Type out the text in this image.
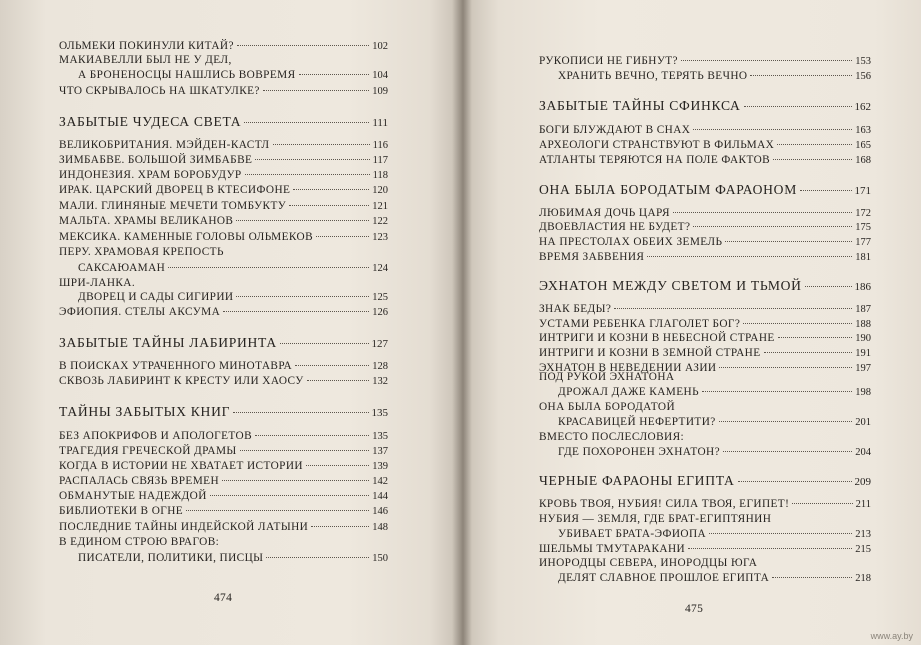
ОЛЬМЕКИ ПОКИНУЛИ КИТАЙ?	102
МАКИАВЕЛЛИ БЫЛ НЕ У ДЕЛ,
А БРОНЕНОСЦЫ НАШЛИСЬ ВОВРЕМЯ	104
ЧТО СКРЫВАЛОСЬ НА ШКАТУЛКЕ?	109
ЗАБЫТЫЕ ЧУДЕСА СВЕТА	111
ВЕЛИКОБРИТАНИЯ. МЭЙДЕН-КАСТЛ	116
ЗИМБАБВЕ. БОЛЬШОЙ ЗИМБАБВЕ	117
ИНДОНЕЗИЯ. ХРАМ БОРОБУДУР	118
ИРАК. ЦАРСКИЙ ДВОРЕЦ В КТЕСИФОНЕ	120
МАЛИ. ГЛИНЯНЫЕ МЕЧЕТИ ТОМБУКТУ	121
МАЛЬТА. ХРАМЫ ВЕЛИКАНОВ	122
МЕКСИКА. КАМЕННЫЕ ГОЛОВЫ ОЛЬМЕКОВ	123
ПЕРУ. ХРАМОВАЯ КРЕПОСТЬ
САКСАЮАМАН	124
ШРИ-ЛАНКА.
ДВОРЕЦ И САДЫ СИГИРИИ	125
ЭФИОПИЯ. СТЕЛЫ АКСУМА	126
ЗАБЫТЫЕ ТАЙНЫ ЛАБИРИНТА	127
В ПОИСКАХ УТРАЧЕННОГО МИНОТАВРА	128
СКВОЗЬ ЛАБИРИНТ К КРЕСТУ ИЛИ ХАОСУ	132
ТАЙНЫ ЗАБЫТЫХ КНИГ	135
БЕЗ АПОКРИФОВ И АПОЛОГЕТОВ	135
ТРАГЕДИЯ ГРЕЧЕСКОЙ ДРАМЫ	137
КОГДА В ИСТОРИИ НЕ ХВАТАЕТ ИСТОРИИ	139
РАСПАЛАСЬ СВЯЗЬ ВРЕМЕН	142
ОБМАНУТЫЕ НАДЕЖДОЙ	144
БИБЛИОТЕКИ В ОГНЕ	146
ПОСЛЕДНИЕ ТАЙНЫ ИНДЕЙСКОЙ ЛАТЫНИ	148
В ЕДИНОМ СТРОЮ ВРАГОВ:
ПИСАТЕЛИ, ПОЛИТИКИ, ПИСЦЫ	150
474
РУКОПИСИ НЕ ГИБНУТ?	153
ХРАНИТЬ ВЕЧНО, ТЕРЯТЬ ВЕЧНО	156
ЗАБЫТЫЕ ТАЙНЫ СФИНКСА	162
БОГИ БЛУЖДАЮТ В СНАХ	163
АРХЕОЛОГИ СТРАНСТВУЮТ В ФИЛЬМАХ	165
АТЛАНТЫ ТЕРЯЮТСЯ НА ПОЛЕ ФАКТОВ	168
ОНА БЫЛА БОРОДАТЫМ ФАРАОНОМ	171
ЛЮБИМАЯ ДОЧЬ ЦАРЯ	172
ДВОЕВЛАСТИЯ НЕ БУДЕТ?	175
НА ПРЕСТОЛАХ ОБЕИХ ЗЕМЕЛЬ	177
ВРЕМЯ ЗАБВЕНИЯ	181
ЭХНАТОН МЕЖДУ СВЕТОМ И ТЬМОЙ	186
ЗНАК БЕДЫ?	187
УСТАМИ РЕБЕНКА ГЛАГОЛЕТ БОГ?	188
ИНТРИГИ И КОЗНИ В НЕБЕСНОЙ СТРАНЕ	190
ИНТРИГИ И КОЗНИ В ЗЕМНОЙ СТРАНЕ	191
ЭХНАТОН В НЕВЕДЕНИИ АЗИИ	197
ПОД РУКОЙ ЭХНАТОНА
ДРОЖАЛ ДАЖЕ КАМЕНЬ	198
ОНА БЫЛА БОРОДАТОЙ
КРАСАВИЦЕЙ НЕФЕРТИТИ?	201
ВМЕСТО ПОСЛЕСЛОВИЯ:
ГДЕ ПОХОРОНЕН ЭХНАТОН?	204
ЧЕРНЫЕ ФАРАОНЫ ЕГИПТА	209
КРОВЬ ТВОЯ, НУБИЯ! СИЛА ТВОЯ, ЕГИПЕТ!	211
НУБИЯ — ЗЕМЛЯ, ГДЕ БРАТ-ЕГИПТЯНИН
УБИВАЕТ БРАТА-ЭФИОПА	213
ШЕЛЬМЫ ТМУТАРАКАНИ	215
ИНОРОДЦЫ СЕВЕРА, ИНОРОДЦЫ ЮГА
ДЕЛЯТ СЛАВНОЕ ПРОШЛОЕ ЕГИПТА	218
475
www.ay.by
